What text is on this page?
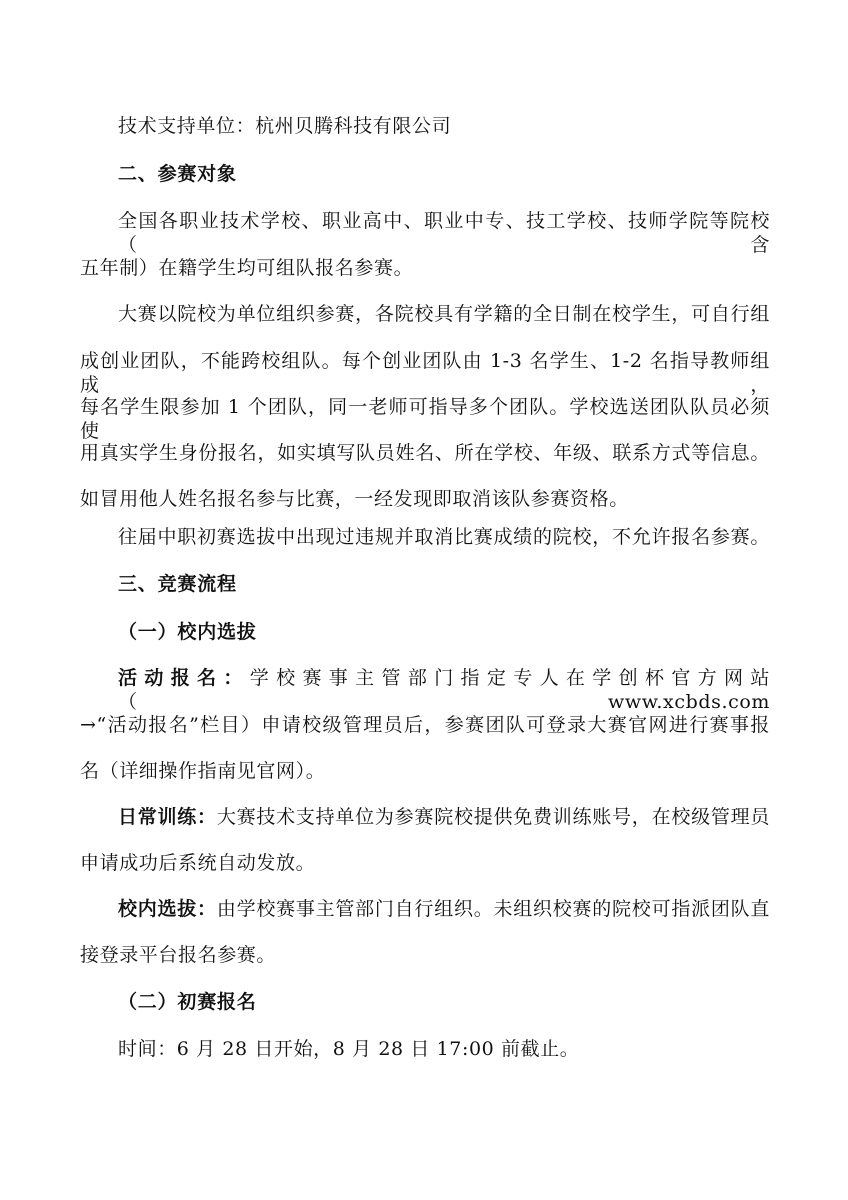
技术支持单位：杭州贝腾科技有限公司
二、参赛对象
全国各职业技术学校、职业高中、职业中专、技工学校、技师学院等院校（含
五年制）在籍学生均可组队报名参赛。
大赛以院校为单位组织参赛，各院校具有学籍的全日制在校学生，可自行组
成创业团队，不能跨校组队。每个创业团队由 1-3 名学生、1-2 名指导教师组成，
每名学生限参加 1 个团队，同一老师可指导多个团队。学校选送团队队员必须使
用真实学生身份报名，如实填写队员姓名、所在学校、年级、联系方式等信息。
如冒用他人姓名报名参与比赛，一经发现即取消该队参赛资格。
往届中职初赛选拔中出现过违规并取消比赛成绩的院校，不允许报名参赛。
三、竞赛流程
（一）校内选拔
活动报名：学校赛事主管部门指定专人在学创杯官方网站（www.xcbds.com
→“活动报名”栏目）申请校级管理员后，参赛团队可登录大赛官网进行赛事报
名（详细操作指南见官网）。
日常训练：大赛技术支持单位为参赛院校提供免费训练账号，在校级管理员
申请成功后系统自动发放。
校内选拔：由学校赛事主管部门自行组织。未组织校赛的院校可指派团队直
接登录平台报名参赛。
（二）初赛报名
时间：6 月 28 日开始，8 月 28 日 17:00 前截止。
